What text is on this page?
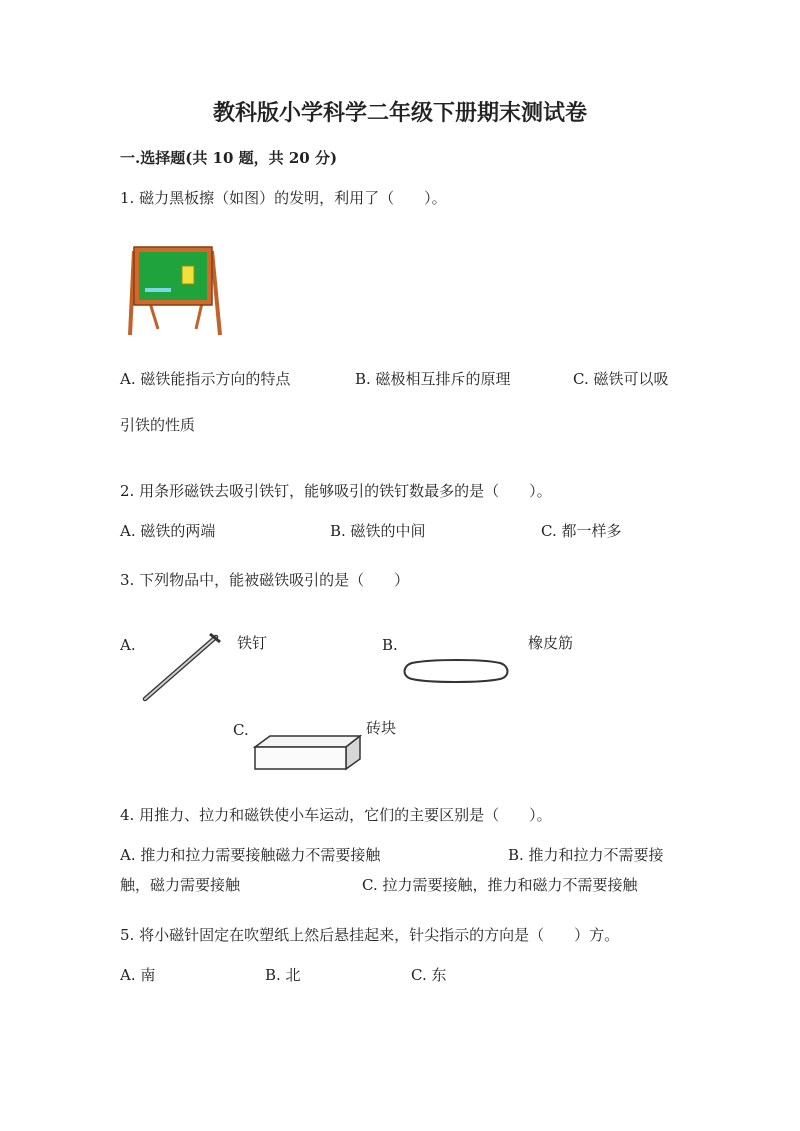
教科版小学科学二年级下册期末测试卷
一.选择题(共 10 题，共 20 分)
1. 磁力黑板擦（如图）的发明，利用了（　　）。
A. 磁铁能指示方向的特点	B. 磁极相互排斥的原理	C. 磁铁可以吸
引铁的性质
2. 用条形磁铁去吸引铁钉，能够吸引的铁钉数最多的是（　　）。
A. 磁铁的两端	B. 磁铁的中间	C. 都一样多
3. 下列物品中，能被磁铁吸引的是（　　）
A.	铁钉	B.	橡皮筋
C.	砖块
4. 用推力、拉力和磁铁使小车运动，它们的主要区别是（　　）。
A. 推力和拉力需要接触磁力不需要接触	B. 推力和拉力不需要接
触，磁力需要接触	C. 拉力需要接触，推力和磁力不需要接触
5. 将小磁针固定在吹塑纸上然后悬挂起来，针尖指示的方向是（　　）方。
A. 南	B. 北	C. 东
